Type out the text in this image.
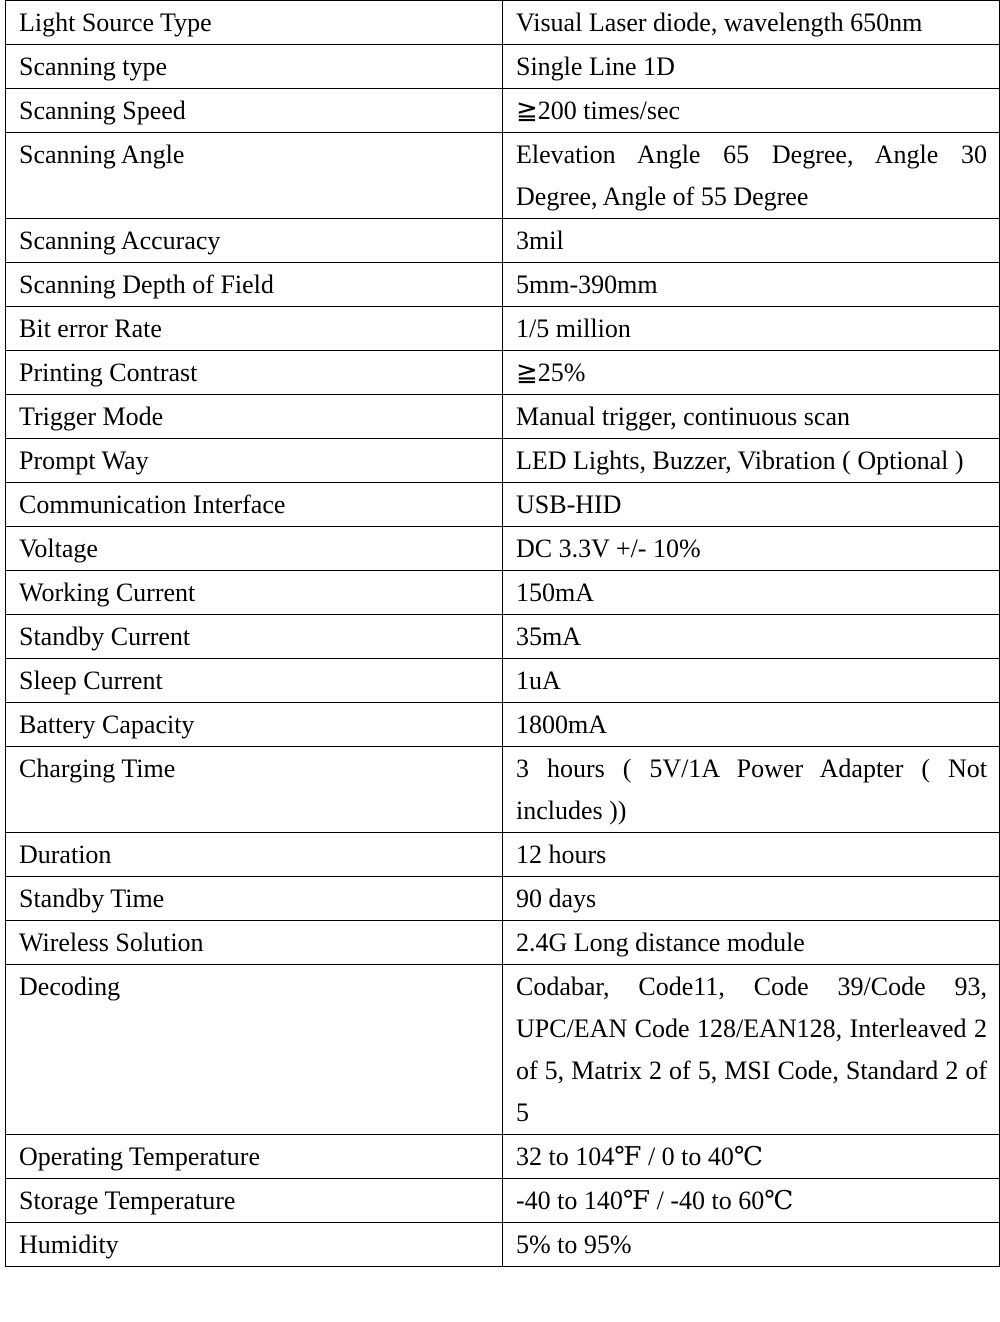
Light Source Type	Visual Laser diode, wavelength 650nm
Scanning type	Single Line 1D
Scanning Speed	≧200 times/sec
Scanning Angle	Elevation Angle 65 Degree, Angle 30 Degree, Angle of 55 Degree
Scanning Accuracy	3mil
Scanning Depth of Field	5mm-390mm
Bit error Rate	1/5 million
Printing Contrast	≧25%
Trigger Mode	Manual trigger, continuous scan
Prompt Way	LED Lights, Buzzer, Vibration ( Optional )
Communication Interface	USB-HID
Voltage	DC 3.3V +/- 10%
Working Current	150mA
Standby Current	35mA
Sleep Current	1uA
Battery Capacity	1800mA
Charging Time	3 hours ( 5V/1A Power Adapter ( Not includes ))
Duration	12 hours
Standby Time	90 days
Wireless Solution	2.4G Long distance module
Decoding	Codabar, Code11, Code 39/Code 93, UPC/EAN Code 128/EAN128, Interleaved 2 of 5, Matrix 2 of 5, MSI Code, Standard 2 of 5
Operating Temperature	32 to 104℉ / 0 to 40℃
Storage Temperature	-40 to 140℉ / -40 to 60℃
Humidity	5% to 95%
